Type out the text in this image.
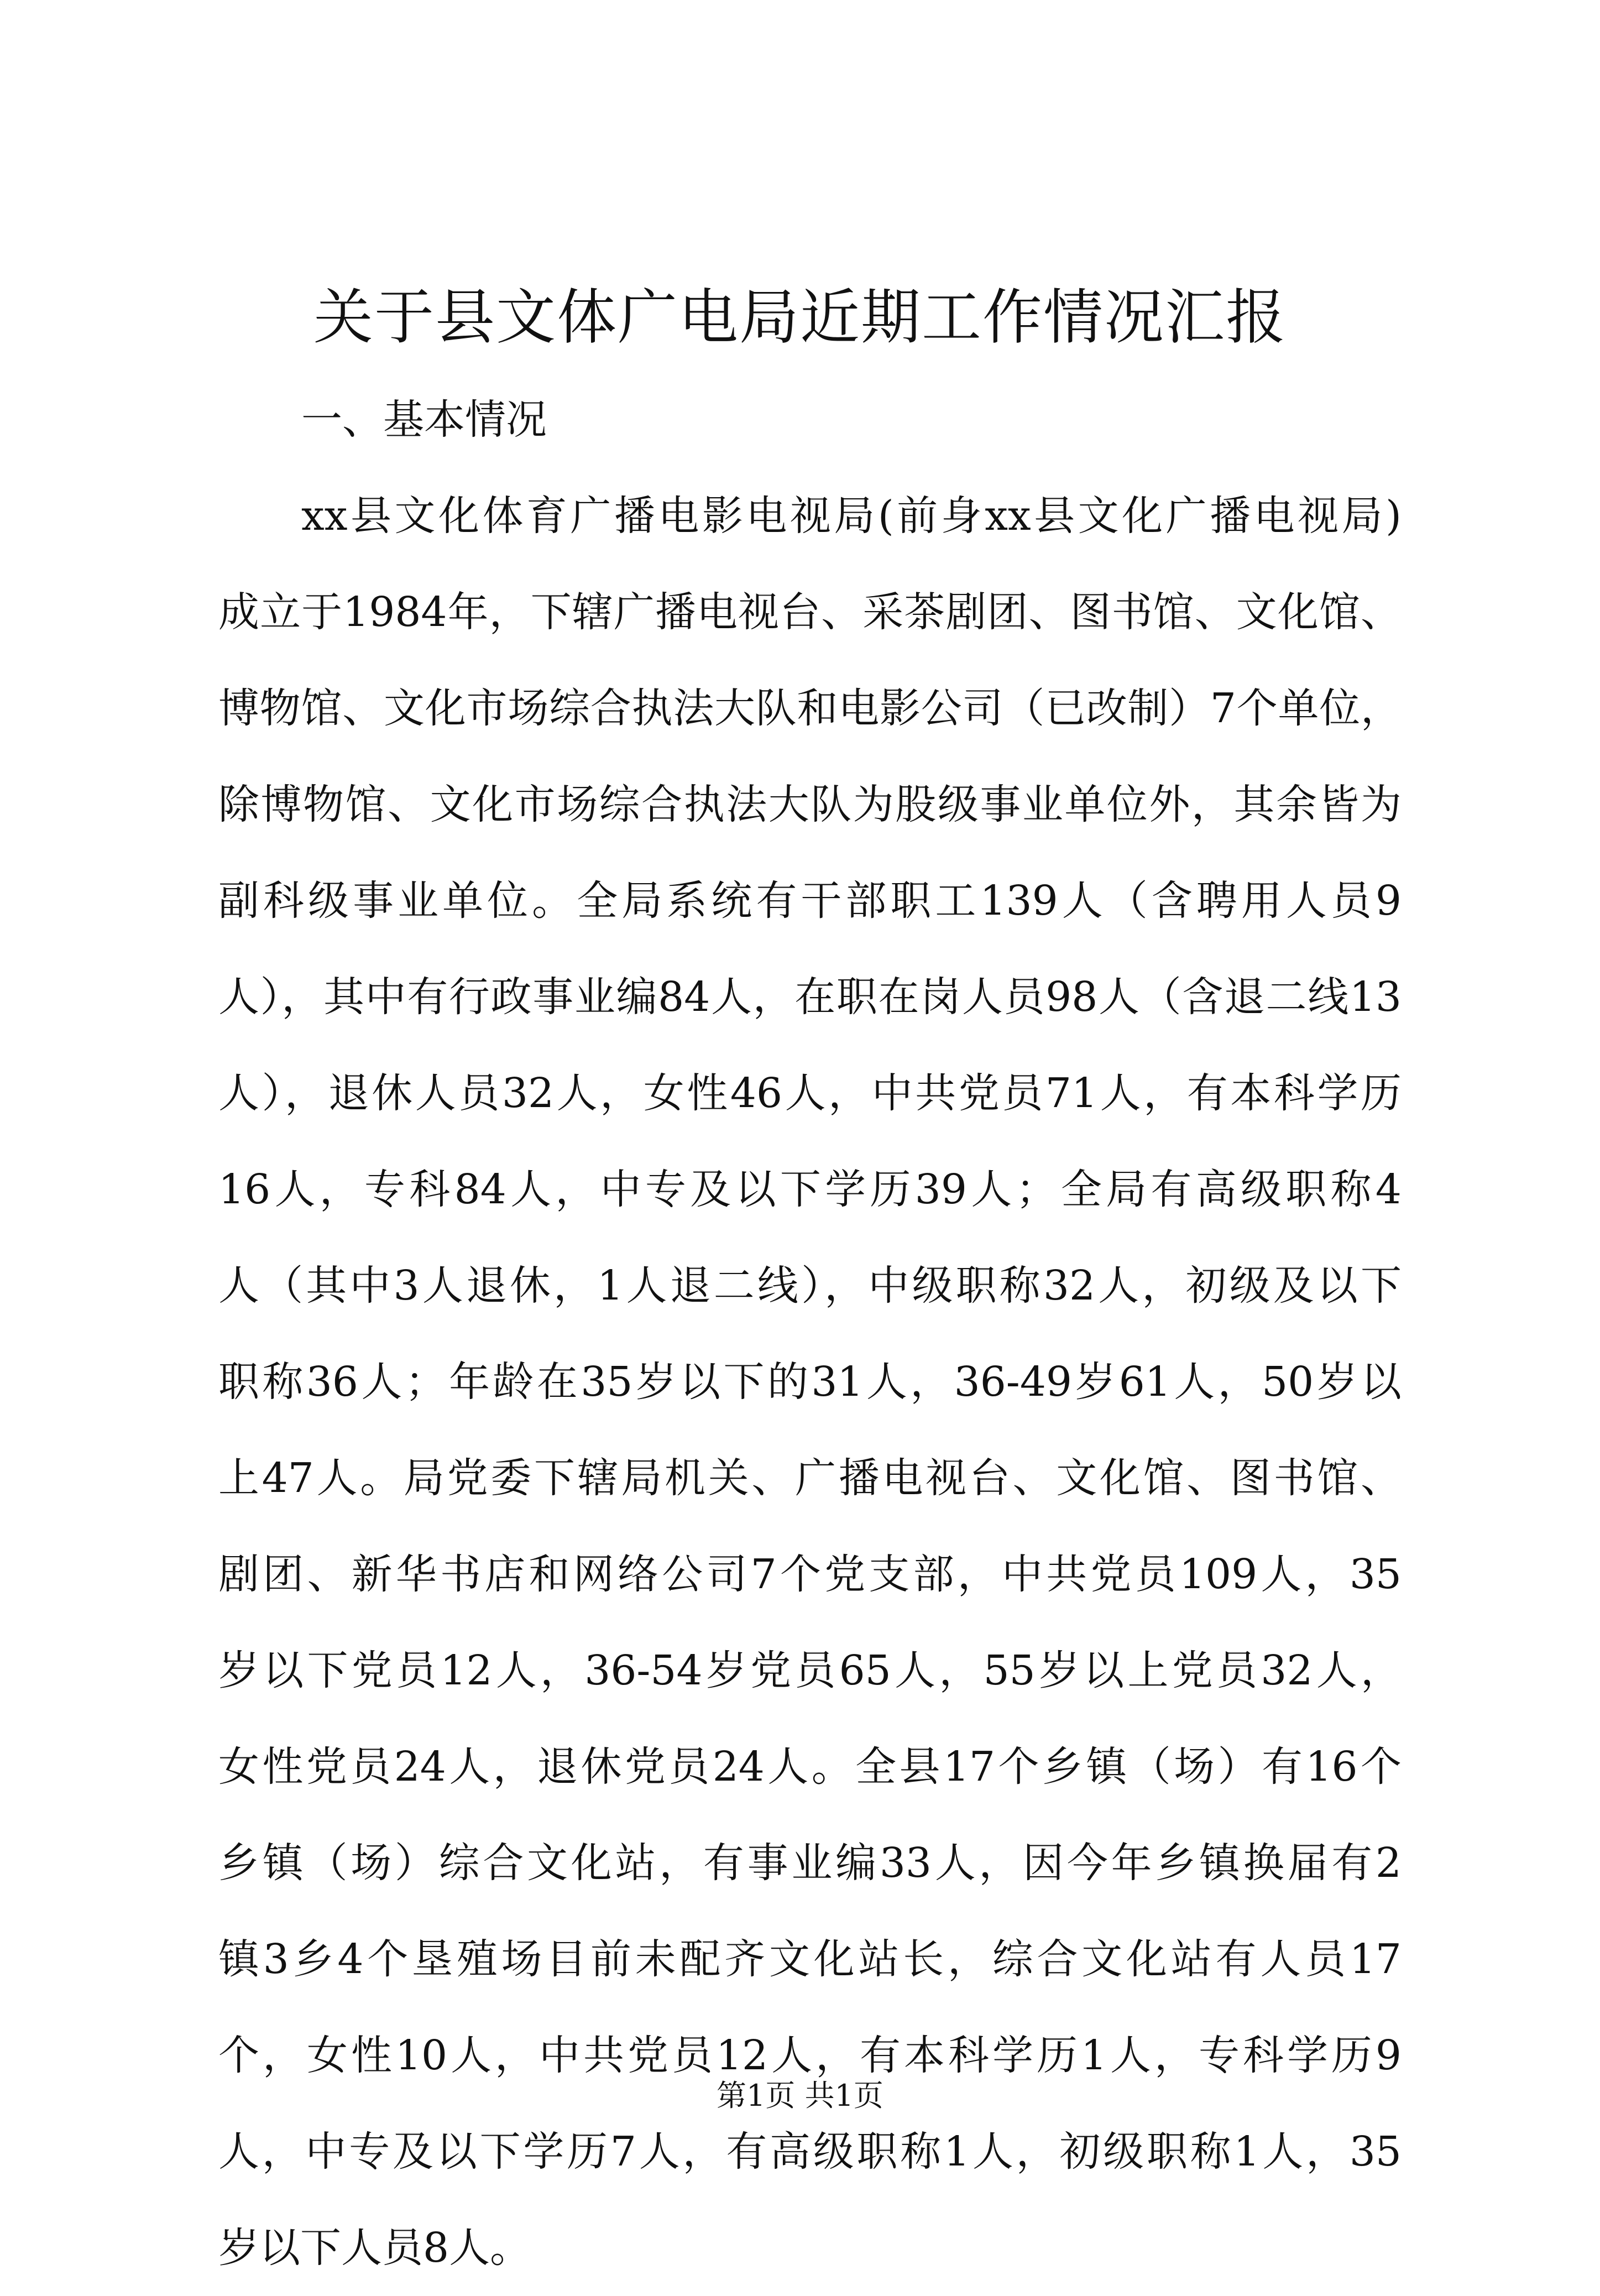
关于县文体广电局近期工作情况汇报
一、基本情况
xx县文化体育广播电影电视局(前身xx县文化广播电视局)
成立于1984年，下辖广播电视台、采茶剧团、图书馆、文化馆、
博物馆、文化市场综合执法大队和电影公司（已改制）7个单位，
除博物馆、文化市场综合执法大队为股级事业单位外，其余皆为
副科级事业单位。全局系统有干部职工139人（含聘用人员9
人），其中有行政事业编84人，在职在岗人员98人（含退二线13
人），退休人员32人，女性46人，中共党员71人，有本科学历
16人，专科84人，中专及以下学历39人；全局有高级职称4
人（其中3人退休，1人退二线），中级职称32人，初级及以下
职称36人；年龄在35岁以下的31人，36-49岁61人，50岁以
上47人。局党委下辖局机关、广播电视台、文化馆、图书馆、
剧团、新华书店和网络公司7个党支部，中共党员109人，35
岁以下党员12人，36-54岁党员65人，55岁以上党员32人，
女性党员24人，退休党员24人。全县17个乡镇（场）有16个
乡镇（场）综合文化站，有事业编33人，因今年乡镇换届有2
镇3乡4个垦殖场目前未配齐文化站长，综合文化站有人员17
个，女性10人，中共党员12人，有本科学历1人，专科学历9
人，中专及以下学历7人，有高级职称1人，初级职称1人，35
岁以下人员8人。
第1页 共1页
